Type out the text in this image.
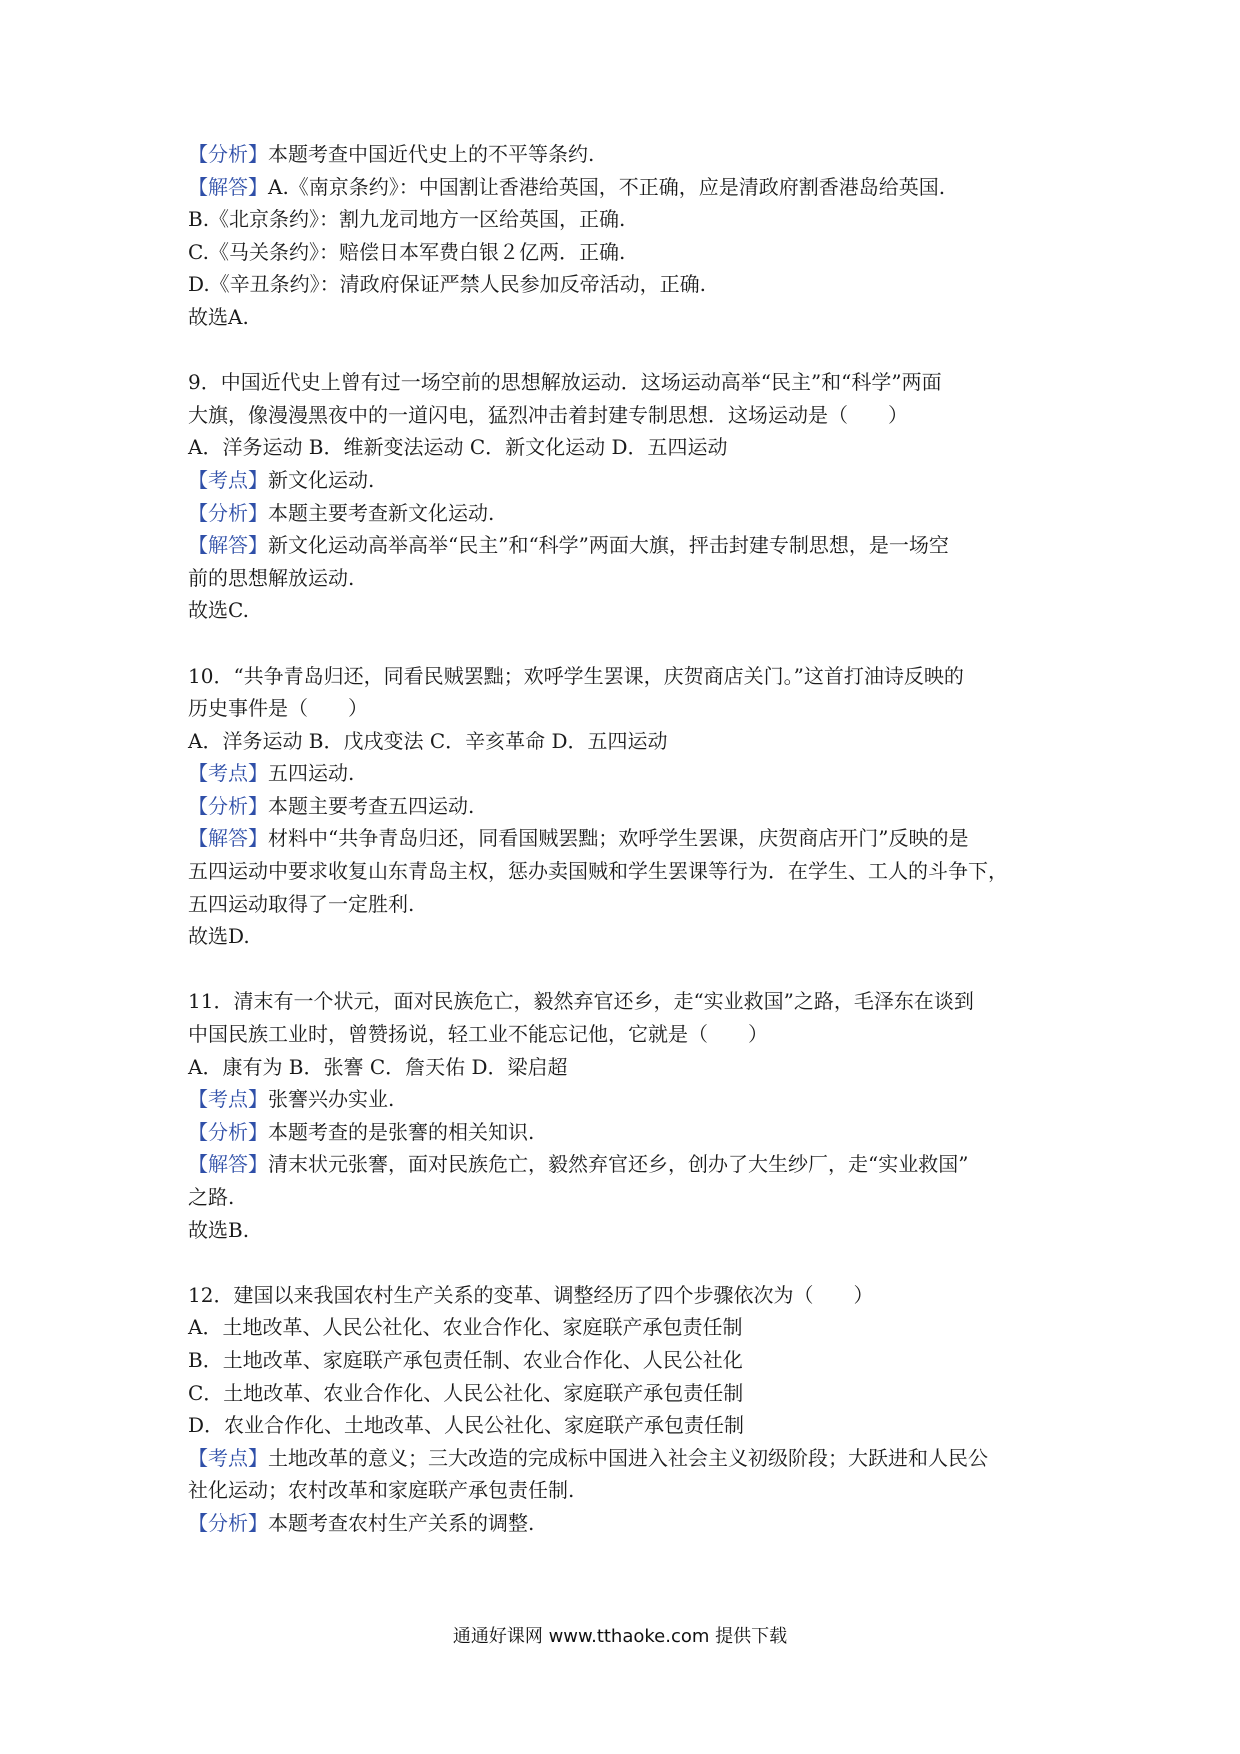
【分析】本题考查中国近代史上的不平等条约.

【解答】A.《南京条约》：中国割让香港给英国，不正确，应是清政府割香港岛给英国.

B.《北京条约》：割九龙司地方一区给英国，正确.

C.《马关条约》：赔偿日本军费白银２亿两．正确.

D.《辛丑条约》：清政府保证严禁人民参加反帝活动，正确.

故选A.

9．中国近代史上曾有过一场空前的思想解放运动．这场运动高举“民主”和“科学”两面

大旗，像漫漫黑夜中的一道闪电，猛烈冲击着封建专制思想．这场运动是（　　）

A．洋务运动 B．维新变法运动 C．新文化运动 D．五四运动

【考点】新文化运动.

【分析】本题主要考查新文化运动.

【解答】新文化运动高举高举“民主”和“科学”两面大旗，抨击封建专制思想，是一场空

前的思想解放运动.

故选C.

10．“共争青岛归还，同看民贼罢黜；欢呼学生罢课，庆贺商店关门。”这首打油诗反映的

历史事件是（　　）

A．洋务运动 B．戊戌变法 C．辛亥革命 D．五四运动

【考点】五四运动.

【分析】本题主要考查五四运动.

【解答】材料中“共争青岛归还，同看国贼罢黜；欢呼学生罢课，庆贺商店开门”反映的是

五四运动中要求收复山东青岛主权，惩办卖国贼和学生罢课等行为．在学生、工人的斗争下，

五四运动取得了一定胜利.

故选D.

11．清末有一个状元，面对民族危亡，毅然弃官还乡，走“实业救国”之路，毛泽东在谈到

中国民族工业时，曾赞扬说，轻工业不能忘记他，它就是（　　）

A．康有为 B．张謇 C．詹天佑 D．梁启超

【考点】张謇兴办实业.

【分析】本题考查的是张謇的相关知识.

【解答】清末状元张謇，面对民族危亡，毅然弃官还乡，创办了大生纱厂，走“实业救国”

之路.

故选B.

12．建国以来我国农村生产关系的变革、调整经历了四个步骤依次为（　　）

A．土地改革、人民公社化、农业合作化、家庭联产承包责任制

B．土地改革、家庭联产承包责任制、农业合作化、人民公社化

C．土地改革、农业合作化、人民公社化、家庭联产承包责任制

D．农业合作化、土地改革、人民公社化、家庭联产承包责任制

【考点】土地改革的意义；三大改造的完成标中国进入社会主义初级阶段；大跃进和人民公

社化运动；农村改革和家庭联产承包责任制.

【分析】本题考查农村生产关系的调整.

通通好课网 www.tthaoke.com 提供下载
